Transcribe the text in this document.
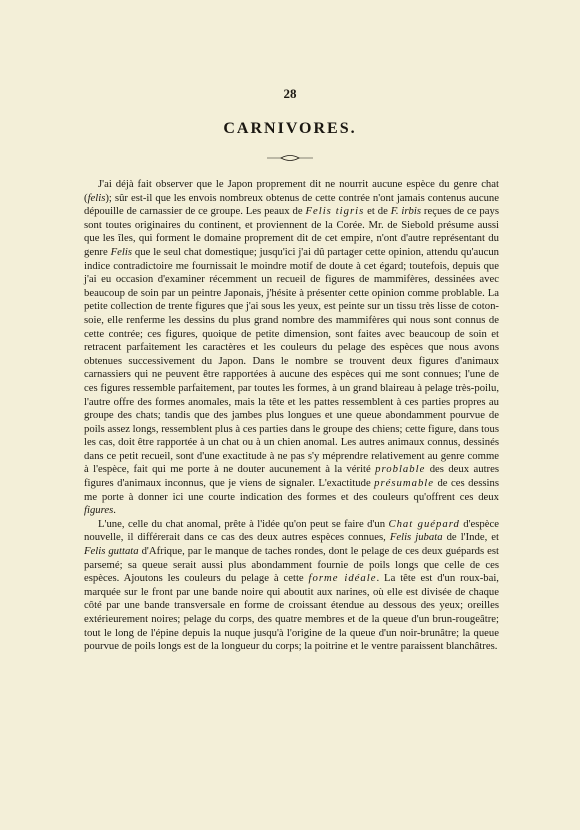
28
CARNIVORES.

J'ai déjà fait observer que le Japon proprement dit ne nourrit aucune espèce du genre chat (felis); sûr est-il que les envois nombreux obtenus de cette contrée n'ont jamais contenus aucune dépouille de carnassier de ce groupe. Les peaux de Felis tigris et de F. irbis reçues de ce pays sont toutes originaires du continent, et proviennent de la Corée. Mr. de Siebold présume aussi que les îles, qui forment le domaine proprement dit de cet empire, n'ont d'autre représentant du genre Felis que le seul chat domestique; jusqu'ici j'ai dû partager cette opinion, attendu qu'aucun indice contradictoire me fournissait le moindre motif de doute à cet égard; toutefois, depuis que j'ai eu occasion d'examiner récemment un recueil de figures de mammifères, dessinées avec beaucoup de soin par un peintre Japonais, j'hésite à présenter cette opinion comme problable. La petite collection de trente figures que j'ai sous les yeux, est peinte sur un tissu très lisse de coton-soie, elle renferme les dessins du plus grand nombre des mammifères qui nous sont connus de cette contrée; ces figures, quoique de petite dimension, sont faites avec beaucoup de soin et retracent parfaitement les caractères et les couleurs du pelage des espèces que nous avons obtenues successivement du Japon. Dans le nombre se trouvent deux figures d'animaux carnassiers qui ne peuvent être rapportées à aucune des espèces qui me sont connues; l'une de ces figures ressemble parfaitement, par toutes les formes, à un grand blaireau à pelage très-poilu, l'autre offre des formes anomales, mais la tête et les pattes ressemblent à ces parties propres au groupe des chats; tandis que des jambes plus longues et une queue abondamment pourvue de poils assez longs, ressemblent plus à ces parties dans le groupe des chiens; cette figure, dans tous les cas, doit être rapportée à un chat ou à un chien anomal. Les autres animaux connus, dessinés dans ce petit recueil, sont d'une exactitude à ne pas s'y méprendre relativement au genre comme à l'espèce, fait qui me porte à ne douter aucunement à la vérité problable des deux autres figures d'animaux inconnus, que je viens de signaler. L'exactitude présumable de ces dessins me porte à donner ici une courte indication des formes et des couleurs qu'offrent ces deux figures.

L'une, celle du chat anomal, prête à l'idée qu'on peut se faire d'un Chat guépard d'espèce nouvelle, il différerait dans ce cas des deux autres espèces connues, Felis jubata de l'Inde, et Felis guttata d'Afrique, par le manque de taches rondes, dont le pelage de ces deux guépards est parsemé; sa queue serait aussi plus abondamment fournie de poils longs que celle de ces espèces. Ajoutons les couleurs du pelage à cette forme idéale. La tête est d'un roux-bai, marquée sur le front par une bande noire qui aboutit aux narines, où elle est divisée de chaque côté par une bande transversale en forme de croissant étendue au dessous des yeux; oreilles extérieurement noires; pelage du corps, des quatre membres et de la queue d'un brun-rougeâtre; tout le long de l'épine depuis la nuque jusqu'à l'origine de la queue d'un noir-brunâtre; la queue pourvue de poils longs est de la longueur du corps; la poitrine et le ventre paraissent blanchâtres.
